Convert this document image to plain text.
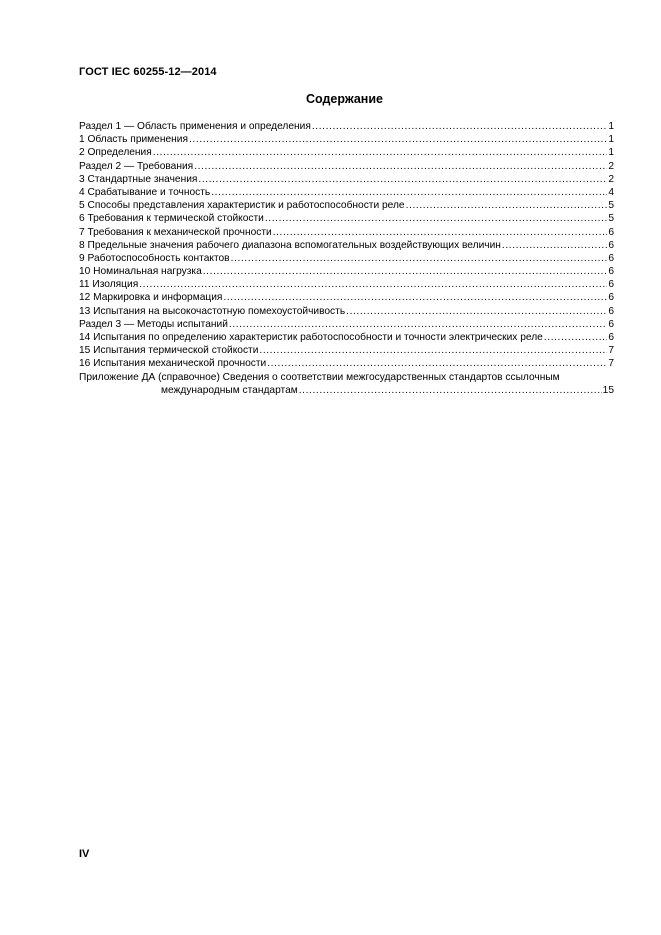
ГОСТ IEC 60255-12—2014
Содержание
Раздел 1 — Область применения и определения .....	1
1 Область применения .....	1
2 Определения .....	1
Раздел 2 — Требования .....	2
3 Стандартные значения .....	2
4 Срабатывание и точность .....	4
5 Способы представления характеристик и работоспособности реле .....	5
6 Требования к термической стойкости .....	5
7 Требования к механической прочности .....	6
8 Предельные значения рабочего диапазона вспомогательных воздействующих величин .....	6
9 Работоспособность контактов .....	6
10 Номинальная нагрузка .....	6
11 Изоляция .....	6
12 Маркировка и информация .....	6
13 Испытания на высокочастотную помехоустойчивость .....	6
Раздел 3 — Методы испытаний .....	6
14 Испытания по определению характеристик работоспособности и точности электрических реле .....	6
15 Испытания термической стойкости .....	7
16 Испытания механической прочности .....	7
Приложение ДА (справочное) Сведения о соответствии межгосударственных стандартов ссылочным
международным стандартам .....	15
IV
